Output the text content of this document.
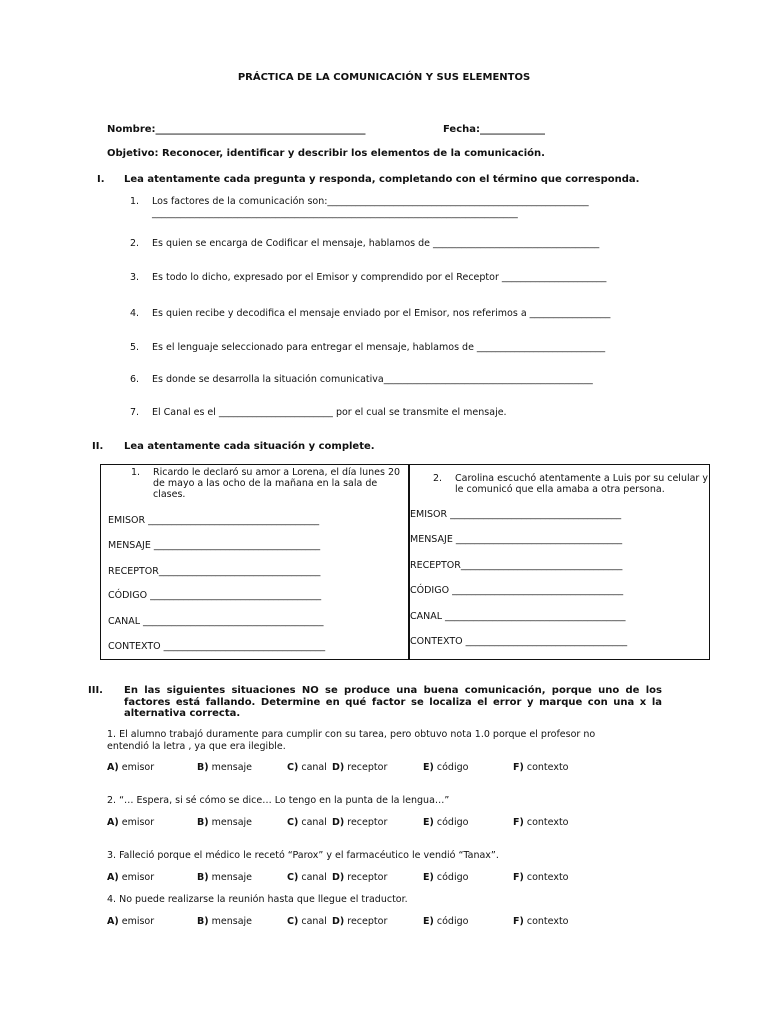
PRÁCTICA DE LA COMUNICACIÓN Y SUS ELEMENTOS
Nombre:__________________________________________	Fecha:_____________
Objetivo: Reconocer, identificar y describir los elementos de la comunicación.
I. Lea atentamente cada pregunta y responda, completando con el término que corresponda.
1. Los factores de la comunicación son:_______________________________________________________
_____________________________________________________________________________
2. Es quien se encarga de Codificar el mensaje, hablamos de ___________________________________
3. Es todo lo dicho, expresado por el Emisor y comprendido por el Receptor ______________________
4. Es quien recibe y decodifica el mensaje enviado por el Emisor, nos referimos a _________________
5. Es el lenguaje seleccionado para entregar el mensaje, hablamos de ___________________________
6. Es donde se desarrolla la situación comunicativa____________________________________________
7. El Canal es el ________________________ por el cual se transmite el mensaje.
II. Lea atentamente cada situación y complete.
1. Ricardo le declaró su amor a Lorena, el día lunes 20 de mayo a las ocho de la mañana en la sala de clases.
EMISOR ____________________________________
MENSAJE ___________________________________
RECEPTOR__________________________________
CÓDIGO ____________________________________
CANAL ______________________________________
CONTEXTO __________________________________
2. Carolina escuchó atentamente a Luis por su celular y le comunicó que ella amaba a otra persona.
EMISOR ____________________________________
MENSAJE ___________________________________
RECEPTOR__________________________________
CÓDIGO ____________________________________
CANAL ______________________________________
CONTEXTO __________________________________
III. En las siguientes situaciones NO se produce una buena comunicación, porque uno de los factores está fallando. Determine en qué factor se localiza el error y marque con una x la alternativa correcta.
1. El alumno trabajó duramente para cumplir con su tarea, pero obtuvo nota 1.0 porque el profesor no entendió la letra , ya que era ilegible.
A) emisor	B) mensaje	C) canal D) receptor	E) código	F) contexto
2. “… Espera, si sé cómo se dice… Lo tengo en la punta de la lengua…”
A) emisor	B) mensaje	C) canal D) receptor	E) código	F) contexto
3. Falleció porque el médico le recetó “Parox” y el farmacéutico le vendió “Tanax”.
A) emisor	B) mensaje	C) canal D) receptor	E) código	F) contexto
4. No puede realizarse la reunión hasta que llegue el traductor.
A) emisor	B) mensaje	C) canal D) receptor	E) código	F) contexto
